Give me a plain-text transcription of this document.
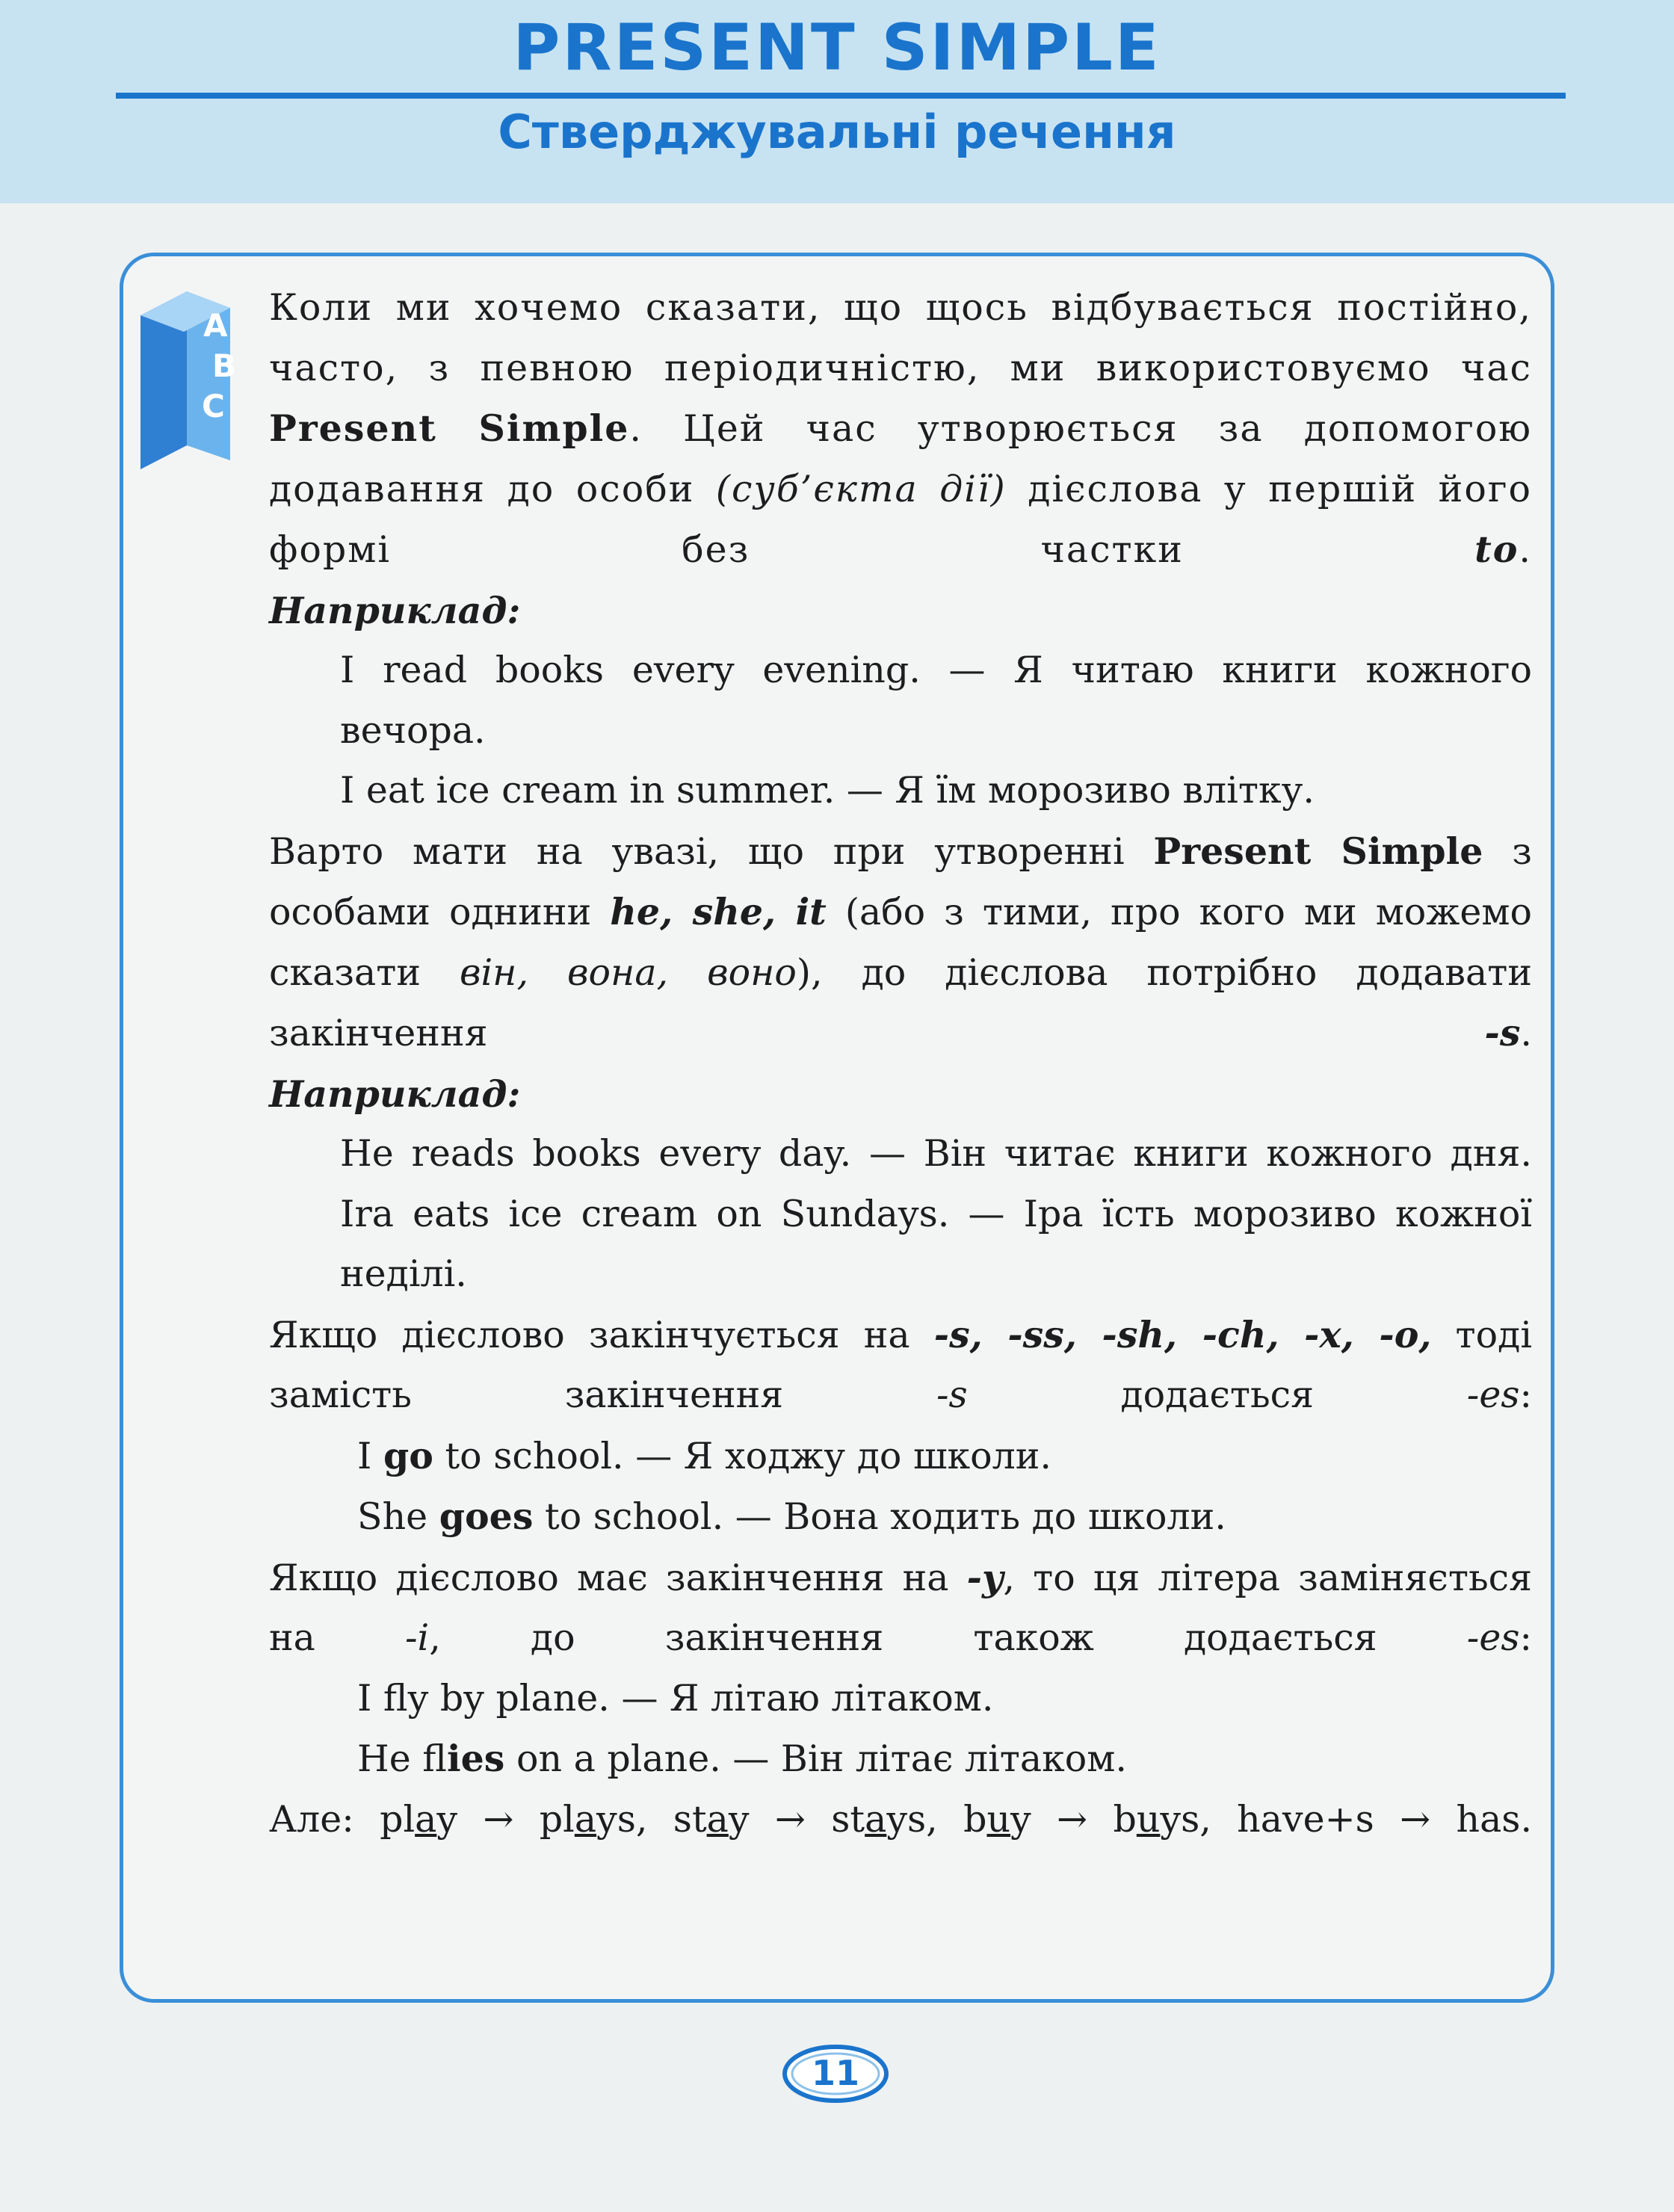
PRESENT SIMPLE
Стверджувальні речення
A
B
C

Коли ми хочемо сказати, що щось відбувається постійно, часто, з певною періодичністю, ми використовуємо час Present Simple. Цей час утворюється за допомогою додавання до особи (суб’єкта дії) дієслова у першій його формі без частки to.

Наприклад:

I read books every evening. — Я читаю книги кожного вечора.

I eat ice cream in summer. — Я їм морозиво влітку.

Варто мати на увазі, що при утворенні Present Simple з особами однини he, she, it (або з тими, про кого ми можемо сказати він, вона, воно), до дієслова потрібно додавати закінчення -s.

Наприклад:

He reads books every day. — Він читає книги кожного дня.

Ira eats ice cream on Sundays. — Іра їсть морозиво кожної неділі.

Якщо дієслово закінчується на -s, -ss, -sh, -ch, -x, -o, тоді замість закінчення -s додається -es:

I go to school. — Я ходжу до школи.

She goes to school. — Вона ходить до школи.

Якщо дієслово має закінчення на -y, то ця літера заміняється на -i, до закінчення також додається -es:

I fly by plane. — Я літаю літаком.

He flies on a plane. — Він літає літаком.

Але: play → plays, stay → stays, buy → buys, have+s → has.

11
